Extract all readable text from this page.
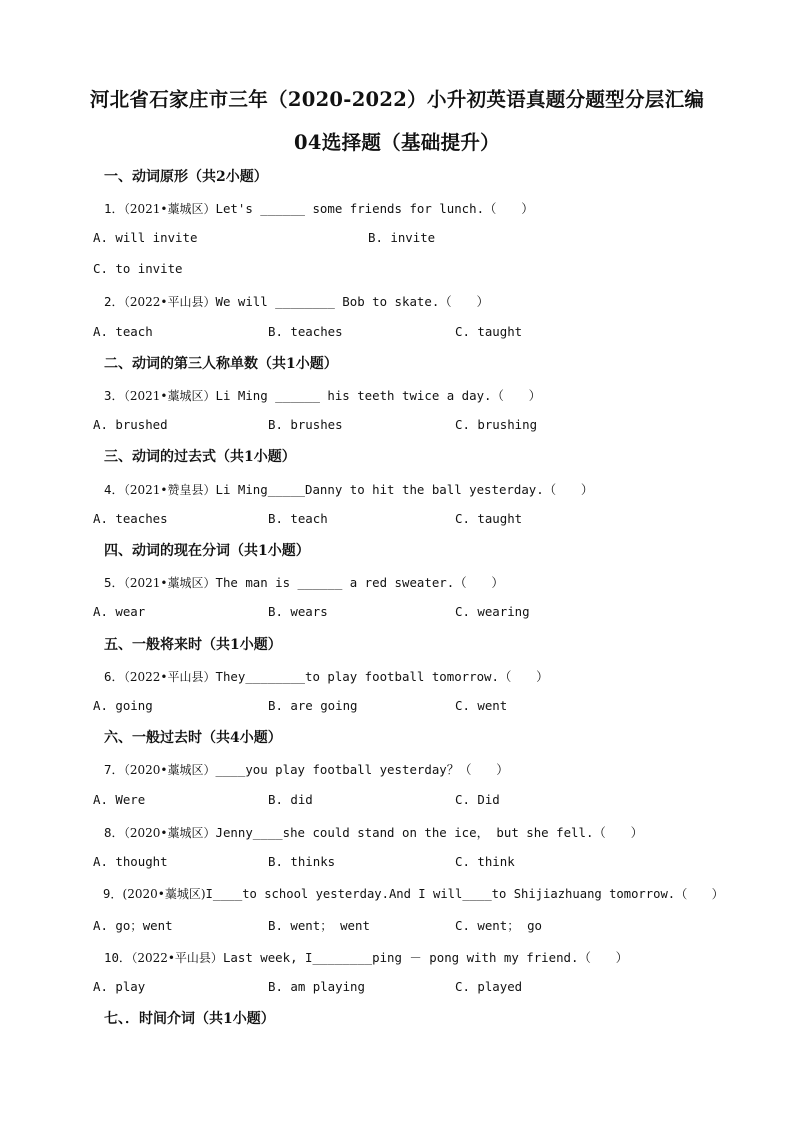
河北省石家庄市三年（2020-2022）小升初英语真题分题型分层汇编
04选择题（基础提升）
一、动词原形（共2小题）
1．（2021•藁城区）Let's ______ some friends for lunch.（　　）
A. will invite	B. invite
C. to invite
2．（2022•平山县）We will ________ Bob to skate.（　　）
A. teach	B. teaches	C. taught
二、动词的第三人称单数（共1小题）
3．（2021•藁城区）Li Ming ______ his teeth twice a day.（　　）
A. brushed	B. brushes	C. brushing
三、动词的过去式（共1小题）
4．（2021•赞皇县）Li Ming_____Danny to hit the ball yesterday.（　　）
A. teaches	B. teach	C. taught
四、动词的现在分词（共1小题）
5．（2021•藁城区）The man is ______ a red sweater.（　　）
A. wear	B. wears	C. wearing
五、一般将来时（共1小题）
6．（2022•平山县）They________to play football tomorrow.（　　）
A. going	B. are going	C. went
六、一般过去时（共4小题）
7．（2020•藁城区）____you play football yesterday？（　　）
A. Were	B. did	C. Did
8．（2020•藁城区）Jenny____she could stand on the ice， but she fell.（　　）
A. thought	B. thinks	C. think
9．(2020•藁城区)I____to school yesterday.And I will____to Shijiazhuang tomorrow.（　　）
A. go；went	B. went； went	C. went； go
10．（2022•平山县）Last week, I________ping － pong with my friend.（　　）
A. play	B. am playing	C. played
七、．时间介词（共1小题）
